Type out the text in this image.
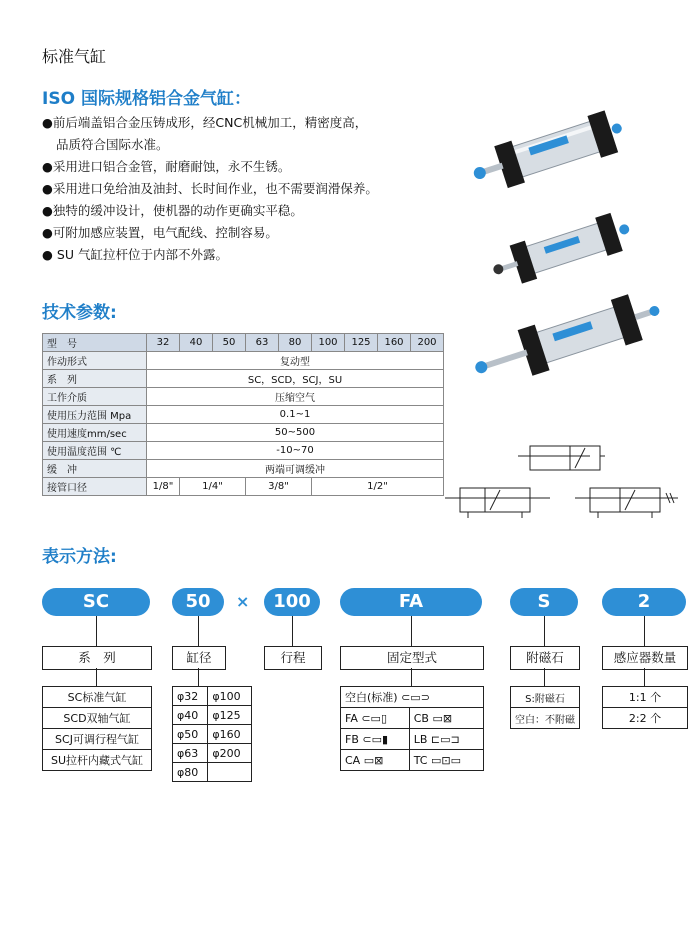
标准气缸
ISO 国际规格铝合金气缸：
●前后端盖铝合金压铸成形，经CNC机械加工，精密度高，
品质符合国际水准。
●采用进口铝合金管，耐磨耐蚀，永不生锈。
●采用进口免给油及油封、长时间作业，也不需要润滑保养。
●独特的缓冲设计，使机器的动作更确实平稳。
●可附加感应装置，电气配线、控制容易。
● SU 气缸拉杆位于内部不外露。
技术参数:
型　号	32	40	50	63	80	100	125	160	200
作动形式	复动型								
系　列	SC，SCD，SCJ，SU								
工作介质	压缩空气								
使用压力范围 Mpa	0.1~1								
使用速度mm/sec	50~500								
使用温度范围 ℃	-10~70								
缓　冲	两端可调缓冲								
接管口径	1/8"	1/4"		3/8"		1/2"			
表示方法:
SC	50	×	100	FA	S	2
系　列	缸径	行程	固定型式	附磁石	感应器数量
SC标准气缸
SCD双轴气缸
SCJ可调行程气缸
SU拉杆内藏式气缸
φ32	φ100
φ40	φ125
φ50	φ160
φ63	φ200
φ80	
空白(标准) ⊂▭⊃	
FA ⊂▭▯	CB ▭⊠
FB ⊂▭▮	LB ⊏▭⊐
CA ▭⊠	TC ▭⊡▭
S:附磁石
空白：不附磁
1:1 个
2:2 个
